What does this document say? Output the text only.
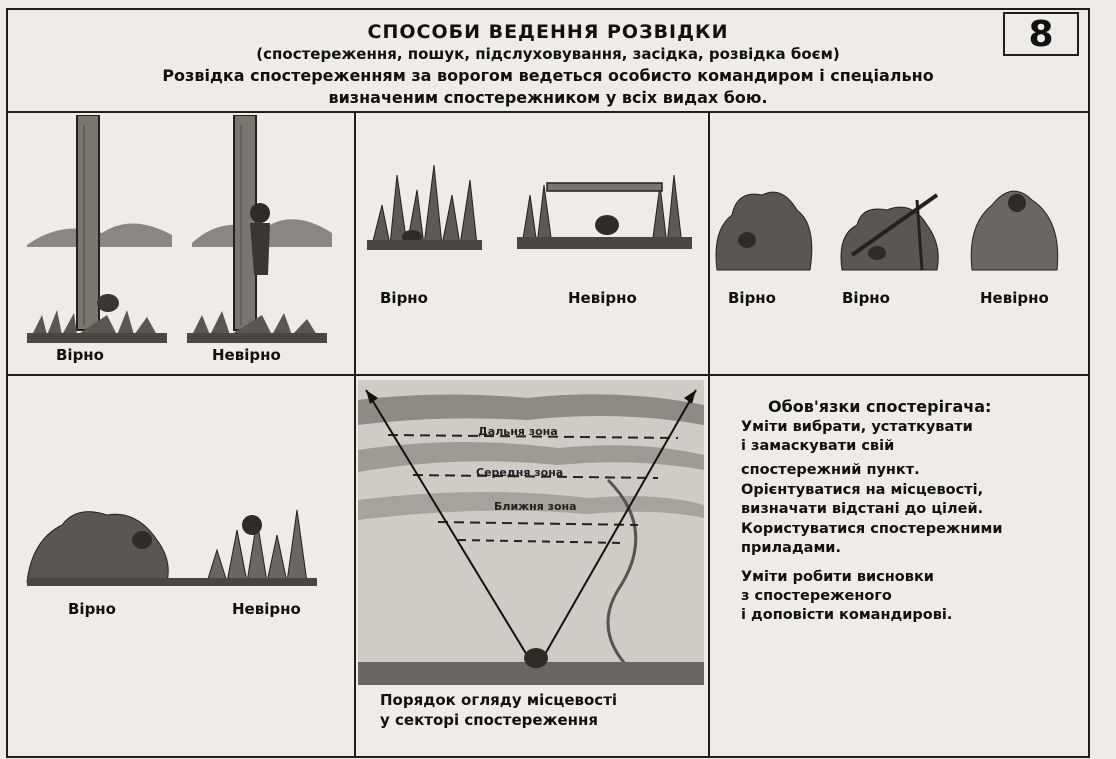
СПОСОБИ ВЕДЕННЯ РОЗВІДКИ
(спостереження, пошук, підслуховування, засідка, розвідка боєм)
Розвідка спостереженням за ворогом ведеться особисто командиром і спеціально
визначеним спостережником у всіх видах бою.
8
Вірно	Невірно
Вірно	Невірно	Вірно	Вірно	Невірно
Вірно	Невірно
Дальня зона
Середня зона
Ближня зона
Порядок огляду місцевості
у секторі спостереження
Обов'язки спостерігача:
Уміти вибрати, устаткувати
і замаскувати свій
спостережний пункт.
Орієнтуватися на місцевості,
визначати відстані до цілей.
Користуватися спостережними
приладами.
Уміти робити висновки
з спостереженого
і доповісти командирові.
